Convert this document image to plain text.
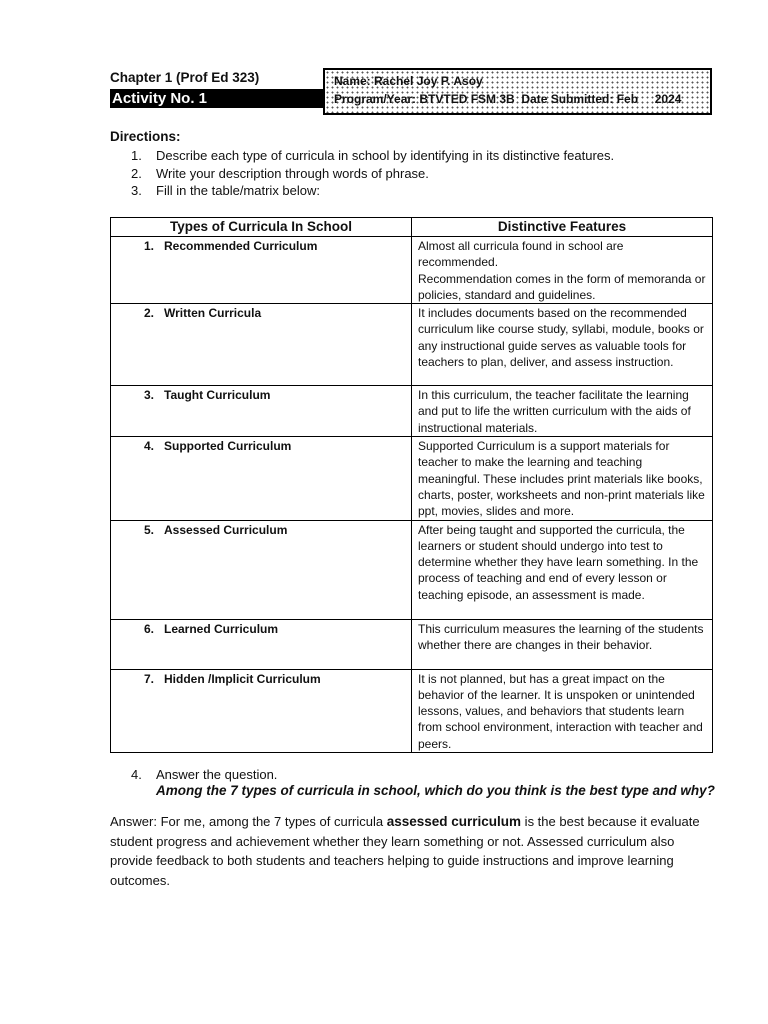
Chapter 1 (Prof Ed 323)
Activity No. 1
Name: Rachel Joy P. Asoy
Program/Year: BTVTED FSM 3B  Date Submitted: Feb     2024
Directions:
1.	Describe each type of curricula in school by identifying in its distinctive features.
2.	Write your description through words of phrase.
3.	Fill in the table/matrix below:
Types of Curricula In School	Distinctive Features

1. Recommended Curriculum	Almost all curricula found in school are recommended.
Recommendation comes in the form of memoranda or policies, standard and guidelines.

2. Written Curricula	It includes documents based on the recommended curriculum like course study, syllabi, module, books or any instructional guide serves as valuable tools for teachers to plan, deliver, and assess instruction.

3. Taught Curriculum	In this curriculum, the teacher facilitate the learning and put to life the written curriculum with the aids of instructional materials.

4. Supported Curriculum	Supported Curriculum is a support materials for teacher to make the learning and teaching meaningful. These includes print materials like books, charts, poster, worksheets and non-print materials like ppt, movies, slides and more.

5. Assessed Curriculum	After being taught and supported the curricula, the learners or student should undergo into test to determine whether they have learn something. In the process of teaching and end of every lesson or teaching episode, an assessment is made.

6. Learned Curriculum	This curriculum measures the learning of the students whether there are changes in their behavior.

7. Hidden /Implicit Curriculum	It is not planned, but has a great impact on the behavior of the learner. It is unspoken or unintended lessons, values, and behaviors that students learn from school environment, interaction with teacher and peers.
4.	Answer the question.
Among the 7 types of curricula in school, which do you think is the best type and why?
Answer: For me, among the 7 types of curricula assessed curriculum is the best because it evaluate student progress and achievement whether they learn something or not. Assessed curriculum also provide feedback to both students and teachers helping to guide instructions and improve learning outcomes.
